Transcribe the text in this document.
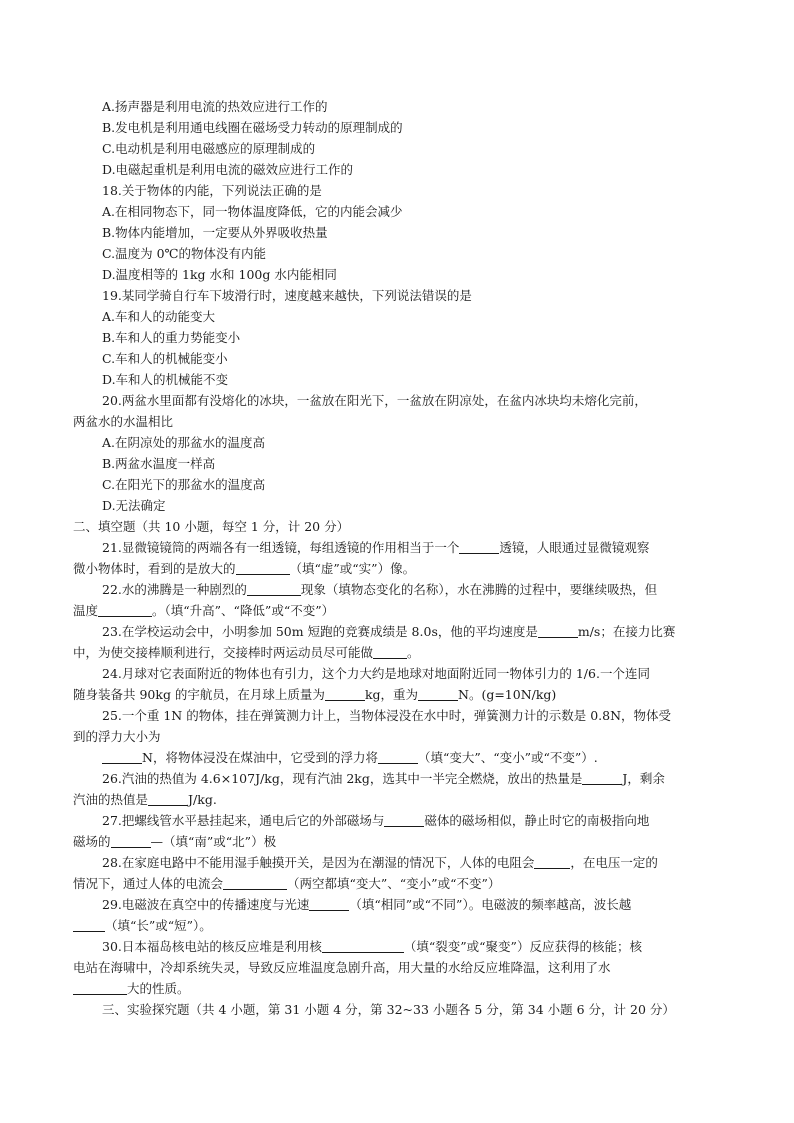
A.扬声器是利用电流的热效应进行工作的
B.发电机是利用通电线圈在磁场受力转动的原理制成的
C.电动机是利用电磁感应的原理制成的
D.电磁起重机是利用电流的磁效应进行工作的
18.关于物体的内能，下列说法正确的是
A.在相同物态下，同一物体温度降低，它的内能会减少
B.物体内能增加，一定要从外界吸收热量
C.温度为 0℃的物体没有内能
D.温度相等的 1kg 水和 100g 水内能相同
19.某同学骑自行车下坡滑行时，速度越来越快，下列说法错误的是
A.车和人的动能变大
B.车和人的重力势能变小
C.车和人的机械能变小
D.车和人的机械能不变
20.两盆水里面都有没熔化的冰块，一盆放在阳光下，一盆放在阴凉处，在盆内冰块均未熔化完前，
两盆水的水温相比
A.在阴凉处的那盆水的温度高
B.两盆水温度一样高
C.在阳光下的那盆水的温度高
D.无法确定
二、填空题（共 10 小题，每空 1 分，计 20 分）
21.显微镜镜筒的两端各有一组透镜，每组透镜的作用相当于一个	透镜，人眼通过显微镜观察
微小物体时，看到的是放大的	（填“虚”或“实”）像。
22.水的沸腾是一种剧烈的	现象（填物态变化的名称），水在沸腾的过程中，要继续吸热，但
温度	。（填“升高”、“降低”或“不变”）
23.在学校运动会中，小明参加 50m 短跑的竞赛成绩是 8.0s，他的平均速度是	m/s；在接力比赛
中，为使交接棒顺利进行，交接棒时两运动员尽可能做	。
24.月球对它表面附近的物体也有引力，这个力大约是地球对地面附近同一物体引力的 1/6.一个连同
随身装备共 90kg 的宇航员，在月球上质量为	kg，重为	N。(g=10N/kg)
25.一个重 1N 的物体，挂在弹簧测力计上，当物体浸没在水中时，弹簧测力计的示数是 0.8N，物体受
到的浮力大小为
N，将物体浸没在煤油中，它受到的浮力将	（填“变大”、“变小”或“不变”）.
26.汽油的热值为 4.6×107J/kg，现有汽油 2kg，选其中一半完全燃烧，放出的热量是	J，剩余
汽油的热值是	J/kg.
27.把螺线管水平悬挂起来，通电后它的外部磁场与	磁体的磁场相似，静止时它的南极指向地
磁场的	—（填“南”或“北”）极
28.在家庭电路中不能用湿手触摸开关，是因为在潮湿的情况下，人体的电阻会	，在电压一定的
情况下，通过人体的电流会	（两空都填“变大”、“变小”或“不变”）
29.电磁波在真空中的传播速度与光速	（填“相同”或“不同”）。电磁波的频率越高，波长越
（填“长”或“短”）。
30.日本福岛核电站的核反应堆是利用核	（填“裂变”或“聚变”）反应获得的核能；核
电站在海啸中，冷却系统失灵，导致反应堆温度急剧升高，用大量的水给反应堆降温，这利用了水
大的性质。
三、实验探究题（共 4 小题，第 31 小题 4 分，第 32~33 小题各 5 分，第 34 小题 6 分，计 20 分）
